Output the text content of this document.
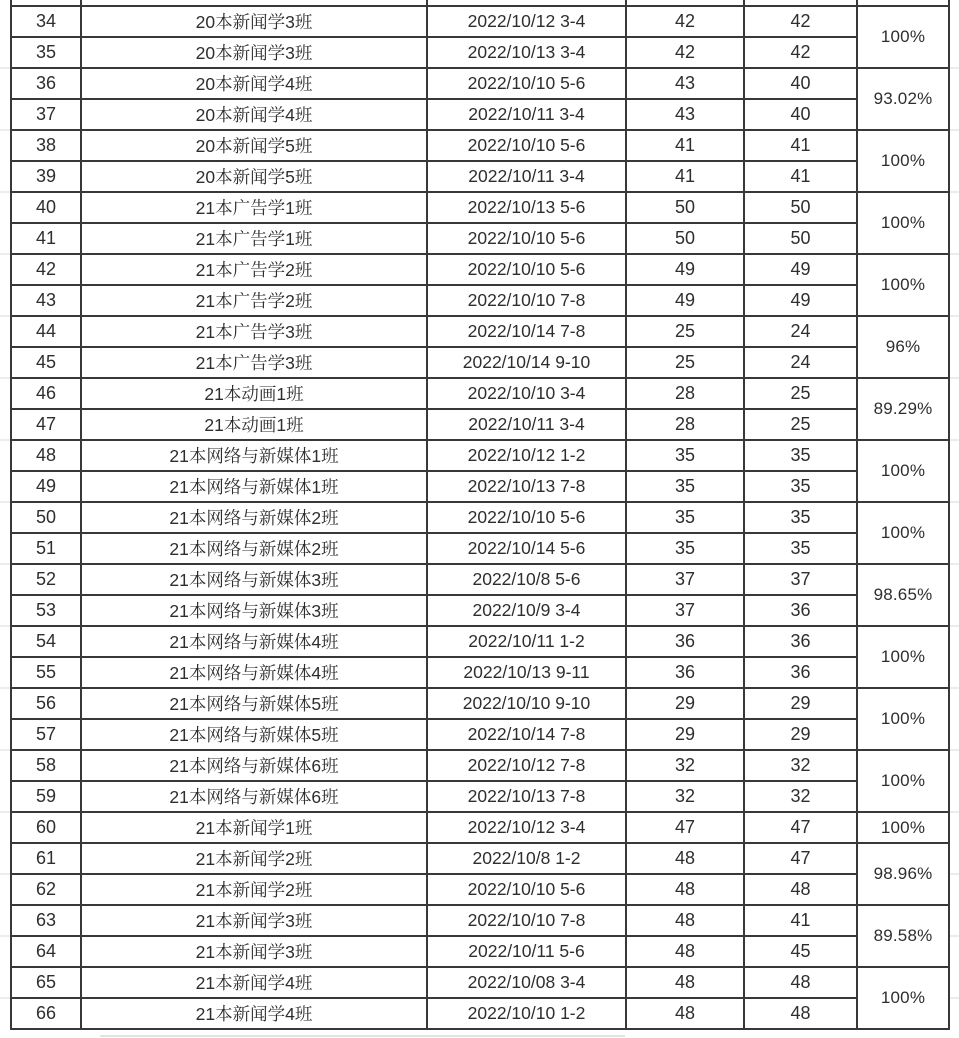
34	20本新闻学3班	2022/10/12 3-4	42	42	100%
35	20本新闻学3班	2022/10/13 3-4	42	42	
36	20本新闻学4班	2022/10/10 5-6	43	40	93.02%
37	20本新闻学4班	2022/10/11 3-4	43	40	
38	20本新闻学5班	2022/10/10 5-6	41	41	100%
39	20本新闻学5班	2022/10/11 3-4	41	41	
40	21本广告学1班	2022/10/13 5-6	50	50	100%
41	21本广告学1班	2022/10/10 5-6	50	50	
42	21本广告学2班	2022/10/10 5-6	49	49	100%
43	21本广告学2班	2022/10/10 7-8	49	49	
44	21本广告学3班	2022/10/14 7-8	25	24	96%
45	21本广告学3班	2022/10/14 9-10	25	24	
46	21本动画1班	2022/10/10 3-4	28	25	89.29%
47	21本动画1班	2022/10/11 3-4	28	25	
48	21本网络与新媒体1班	2022/10/12 1-2	35	35	100%
49	21本网络与新媒体1班	2022/10/13 7-8	35	35	
50	21本网络与新媒体2班	2022/10/10 5-6	35	35	100%
51	21本网络与新媒体2班	2022/10/14 5-6	35	35	
52	21本网络与新媒体3班	2022/10/8 5-6	37	37	98.65%
53	21本网络与新媒体3班	2022/10/9 3-4	37	36	
54	21本网络与新媒体4班	2022/10/11 1-2	36	36	100%
55	21本网络与新媒体4班	2022/10/13 9-11	36	36	
56	21本网络与新媒体5班	2022/10/10 9-10	29	29	100%
57	21本网络与新媒体5班	2022/10/14 7-8	29	29	
58	21本网络与新媒体6班	2022/10/12 7-8	32	32	100%
59	21本网络与新媒体6班	2022/10/13 7-8	32	32	
60	21本新闻学1班	2022/10/12 3-4	47	47	100%
61	21本新闻学2班	2022/10/8 1-2	48	47	98.96%
62	21本新闻学2班	2022/10/10 5-6	48	48	
63	21本新闻学3班	2022/10/10 7-8	48	41	89.58%
64	21本新闻学3班	2022/10/11 5-6	48	45	
65	21本新闻学4班	2022/10/08 3-4	48	48	100%
66	21本新闻学4班	2022/10/10 1-2	48	48	
